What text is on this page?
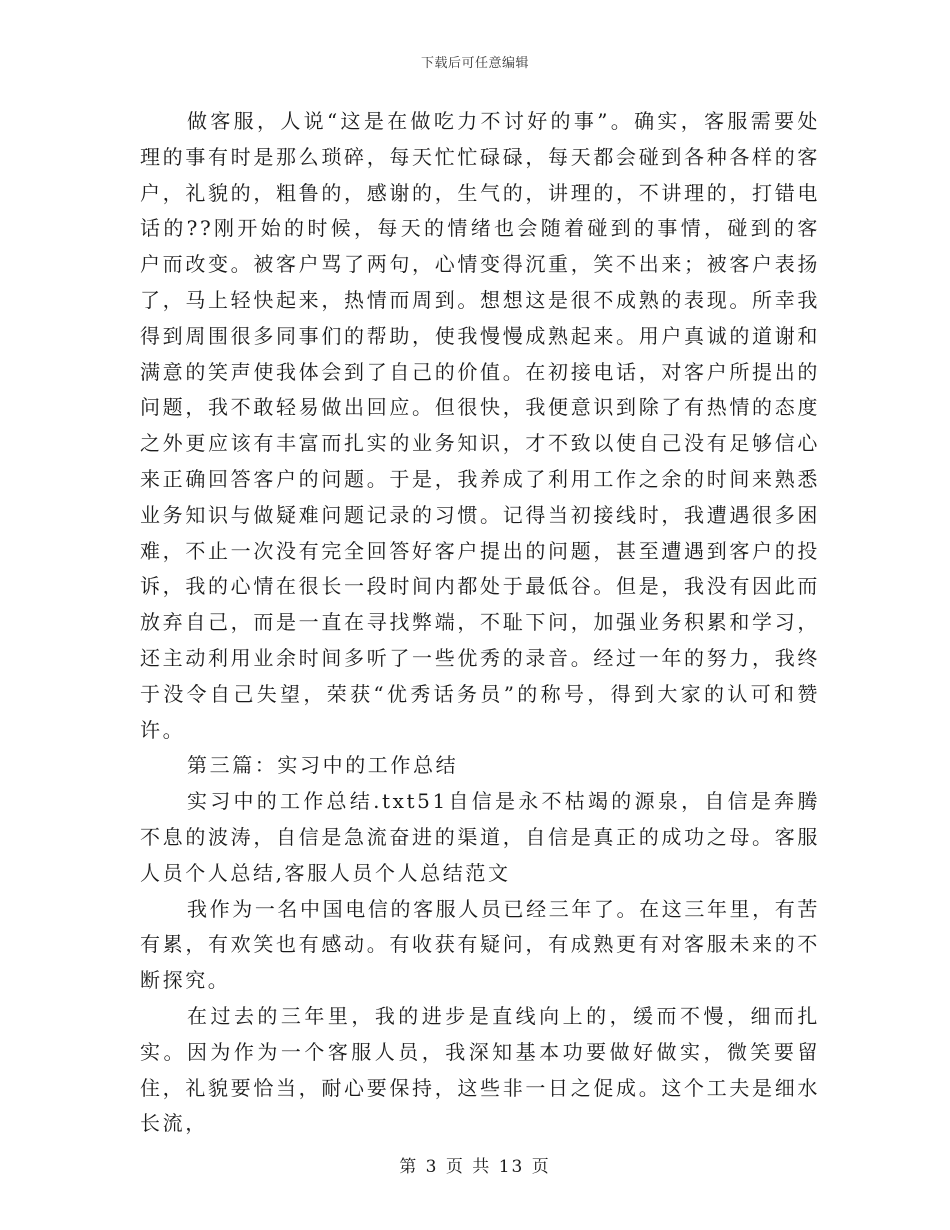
下载后可任意编辑

做客服，人说“这是在做吃力不讨好的事”。确实，客服需要处理的事有时是那么琐碎，每天忙忙碌碌，每天都会碰到各种各样的客户，礼貌的，粗鲁的，感谢的，生气的，讲理的，不讲理的，打错电话的??刚开始的时候，每天的情绪也会随着碰到的事情，碰到的客户而改变。被客户骂了两句，心情变得沉重，笑不出来；被客户表扬了，马上轻快起来，热情而周到。想想这是很不成熟的表现。所幸我得到周围很多同事们的帮助，使我慢慢成熟起来。用户真诚的道谢和满意的笑声使我体会到了自己的价值。在初接电话，对客户所提出的问题，我不敢轻易做出回应。但很快，我便意识到除了有热情的态度之外更应该有丰富而扎实的业务知识，才不致以使自己没有足够信心来正确回答客户的问题。于是，我养成了利用工作之余的时间来熟悉业务知识与做疑难问题记录的习惯。记得当初接线时，我遭遇很多困难，不止一次没有完全回答好客户提出的问题，甚至遭遇到客户的投诉，我的心情在很长一段时间内都处于最低谷。但是，我没有因此而放弃自己，而是一直在寻找弊端，不耻下问，加强业务积累和学习，还主动利用业余时间多听了一些优秀的录音。经过一年的努力，我终于没令自己失望，荣获“优秀话务员”的称号，得到大家的认可和赞许。

第三篇：实习中的工作总结

实习中的工作总结.txt51自信是永不枯竭的源泉，自信是奔腾不息的波涛，自信是急流奋进的渠道，自信是真正的成功之母。客服人员个人总结,客服人员个人总结范文

我作为一名中国电信的客服人员已经三年了。在这三年里，有苦有累，有欢笑也有感动。有收获有疑问，有成熟更有对客服未来的不断探究。

在过去的三年里，我的进步是直线向上的，缓而不慢，细而扎实。因为作为一个客服人员，我深知基本功要做好做实，微笑要留住，礼貌要恰当，耐心要保持，这些非一日之促成。这个工夫是细水长流，

第 3 页 共 13 页
